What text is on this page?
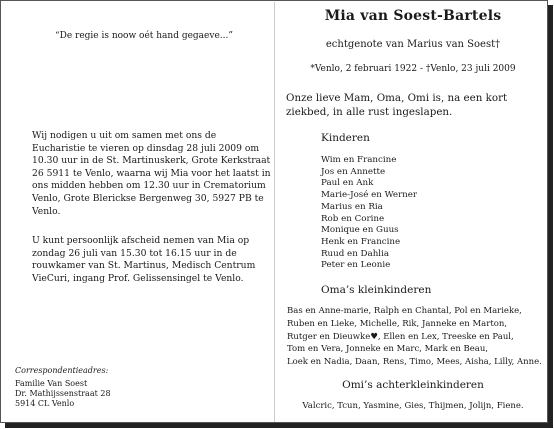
“De regie is noow oét hand gegaeve...”

Wij nodigen u uit om samen met ons de Eucharistie te vieren op dinsdag 28 juli 2009 om 10.30 uur in de St. Martinuskerk, Grote Kerkstraat 26 5911 te Venlo, waarna wij Mia voor het laatst in ons midden hebben om 12.30 uur in Crematorium Venlo, Grote Blerickse Bergenweg 30, 5927 PB te Venlo.

U kunt persoonlijk afscheid nemen van Mia op zondag 26 juli van 15.30 tot 16.15 uur in de rouwkamer van St. Martinus, Medisch Centrum VieCuri, ingang Prof. Gelissensingel te Venlo.

Correspondentieadres:

Familie Van Soest
Dr. Mathijssenstraat 28
5914 CL Venlo
Mia van Soest-Bartels

echtgenote van Marius van Soest†

*Venlo, 2 februari 1922 - †Venlo, 23 juli 2009

Onze lieve Mam, Oma, Omi is, na een kort ziekbed, in alle rust ingeslapen.

Kinderen
Wim en Francine
Jos en Annette
Paul en Ank
Marie-José en Werner
Marius en Ria
Rob en Corine
Monique en Guus
Henk en Francine
Ruud en Dahlia
Peter en Leonie
Oma’s kleinkinderen
Bas en Anne-marie, Ralph en Chantal, Pol en Marieke,
Ruben en Lieke, Michelle, Rik, Janneke en Marton,
Rutger en Dieuwke♥, Ellen en Lex, Treeske en Paul,
Tom en Vera, Jonneke en Marc, Mark en Beau,
Loek en Nadia, Daan, Rens, Timo, Mees, Aisha, Lilly, Anne.
Omi’s achterkleinkinderen

Valcric, Tcun, Yasmine, Gies, Thijmen, Jolijn, Fiene.
